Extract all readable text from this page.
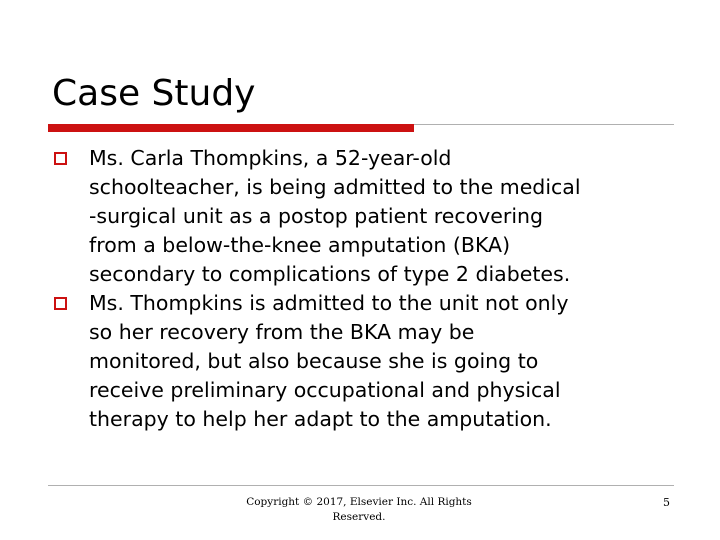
Case Study
Ms. Carla Thompkins, a 52-year-old
schoolteacher, is being admitted to the medical
-surgical unit as a postop patient recovering
from a below-the-knee amputation (BKA)
secondary to complications of type 2 diabetes.
Ms. Thompkins is admitted to the unit not only
so her recovery from the BKA may be
monitored, but also because she is going to
receive preliminary occupational and physical
therapy to help her adapt to the amputation.
Copyright © 2017, Elsevier Inc. All Rights
Reserved.
5
